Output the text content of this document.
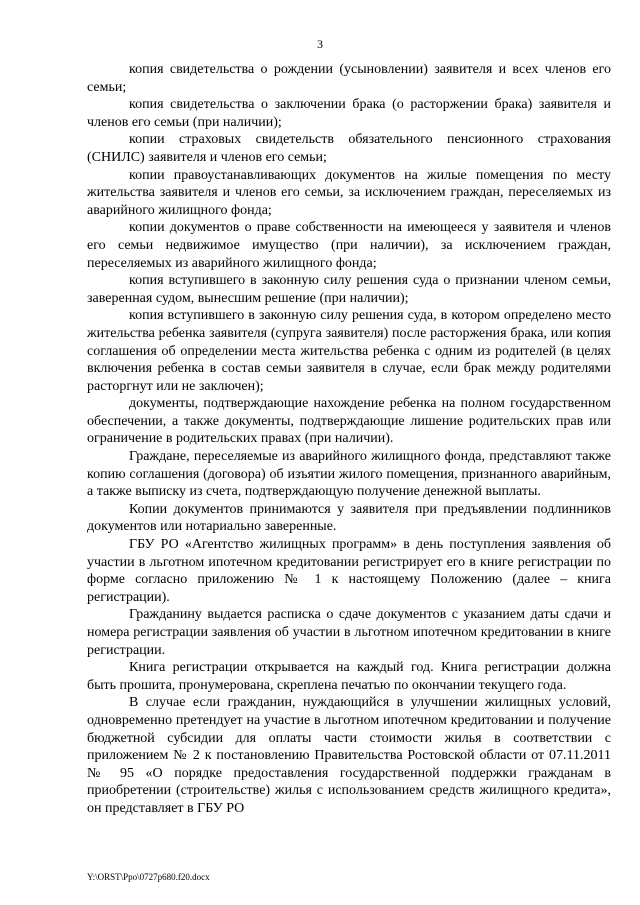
3

копия свидетельства о рождении (усыновлении) заявителя и всех членов его семьи;

копия свидетельства о заключении брака (о расторжении брака) заявителя и членов его семьи (при наличии);

копии страховых свидетельств обязательного пенсионного страхования (СНИЛС) заявителя и членов его семьи;

копии правоустанавливающих документов на жилые помещения по месту жительства заявителя и членов его семьи, за исключением граждан, переселяемых из аварийного жилищного фонда;

копии документов о праве собственности на имеющееся у заявителя и членов его семьи недвижимое имущество (при наличии), за исключением граждан, переселяемых из аварийного жилищного фонда;

копия вступившего в законную силу решения суда о признании членом семьи, заверенная судом, вынесшим решение (при наличии);

копия вступившего в законную силу решения суда, в котором определено место жительства ребенка заявителя (супруга заявителя) после расторжения брака, или копия соглашения об определении места жительства ребенка с одним из родителей (в целях включения ребенка в состав семьи заявителя в случае, если брак между родителями расторгнут или не заключен);

документы, подтверждающие нахождение ребенка на полном государственном обеспечении, а также документы, подтверждающие лишение родительских прав или ограничение в родительских правах (при наличии).

Граждане, переселяемые из аварийного жилищного фонда, представляют также копию соглашения (договора) об изъятии жилого помещения, признанного аварийным, а также выписку из счета, подтверждающую получение денежной выплаты.

Копии документов принимаются у заявителя при предъявлении подлинников документов или нотариально заверенные.

ГБУ РО «Агентство жилищных программ» в день поступления заявления об участии в льготном ипотечном кредитовании регистрирует его в книге регистрации по форме согласно приложению № 1 к настоящему Положению (далее – книга регистрации).

Гражданину выдается расписка о сдаче документов с указанием даты сдачи и номера регистрации заявления об участии в льготном ипотечном кредитовании в книге регистрации.

Книга регистрации открывается на каждый год. Книга регистрации должна быть прошита, пронумерована, скреплена печатью по окончании текущего года.

В случае если гражданин, нуждающийся в улучшении жилищных условий, одновременно претендует на участие в льготном ипотечном кредитовании и получение бюджетной субсидии для оплаты части стоимости жилья в соответствии с приложением № 2 к постановлению Правительства Ростовской области от 07.11.2011 № 95 «О порядке предоставления государственной поддержки гражданам в приобретении (строительстве) жилья с использованием средств жилищного кредита», он представляет в ГБУ РО

Y:\ORST\Ppo\0727p680.f20.docx
